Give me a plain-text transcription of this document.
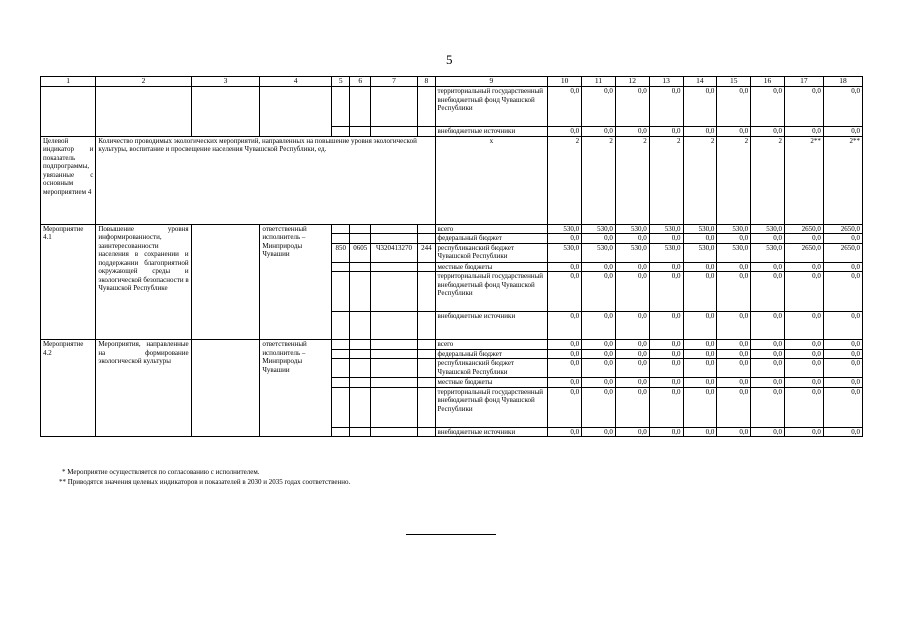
5
1	2	3	4	5	6	7	8	9	10	11	12	13	14	15	16	17	18
								территориальный государственный внебюджетный фонд Чувашской Республики	0,0	0,0	0,0	0,0	0,0	0,0	0,0	0,0	0,0
								внебюджетные источники	0,0	0,0	0,0	0,0	0,0	0,0	0,0	0,0	0,0
Целевой индикатор и показатель подпрограммы, увязанные с основным мероприятием 4	Количество проводимых экологических мероприятий, направленных на повышение уровня экологической культуры, воспитание и просвещение населения Чувашской Республики, ед.							х	2	2	2	2	2	2	2	2**	2**
Мероприятие 4.1	Повышение уровня информированности, заинтересованности населения в сохранении и поддержании благоприятной окружающей среды и экологической безопасности в Чувашской Республике		ответственный исполнитель – Минприроды Чувашии					всего	530,0	530,0	530,0	530,0	530,0	530,0	530,0	2650,0	2650,0
								федеральный бюджет	0,0	0,0	0,0	0,0	0,0	0,0	0,0	0,0	0,0
				850	0605	Ч320413270	244	республиканский бюджет Чувашской Республики	530,0	530,0	530,0	530,0	530,0	530,0	530,0	2650,0	2650,0
								местные бюджеты	0,0	0,0	0,0	0,0	0,0	0,0	0,0	0,0	0,0
								территориальный государственный внебюджетный фонд Чувашской Республики	0,0	0,0	0,0	0,0	0,0	0,0	0,0	0,0	0,0
								внебюджетные источники	0,0	0,0	0,0	0,0	0,0	0,0	0,0	0,0	0,0
Мероприятие 4.2	Мероприятия, направленные на формирование экологической культуры		ответственный исполнитель – Минприроды Чувашии					всего	0,0	0,0	0,0	0,0	0,0	0,0	0,0	0,0	0,0
								федеральный бюджет	0,0	0,0	0,0	0,0	0,0	0,0	0,0	0,0	0,0
								республиканский бюджет Чувашской Республики	0,0	0,0	0,0	0,0	0,0	0,0	0,0	0,0	0,0
								местные бюджеты	0,0	0,0	0,0	0,0	0,0	0,0	0,0	0,0	0,0
								территориальный государственный внебюджетный фонд Чувашской Республики	0,0	0,0	0,0	0,0	0,0	0,0	0,0	0,0	0,0
								внебюджетные источники	0,0	0,0	0,0	0,0	0,0	0,0	0,0	0,0	0,0
* Мероприятие осуществляется по согласованию с исполнителем.
** Приводятся значения целевых индикаторов и показателей в 2030 и 2035 годах соответственно.
